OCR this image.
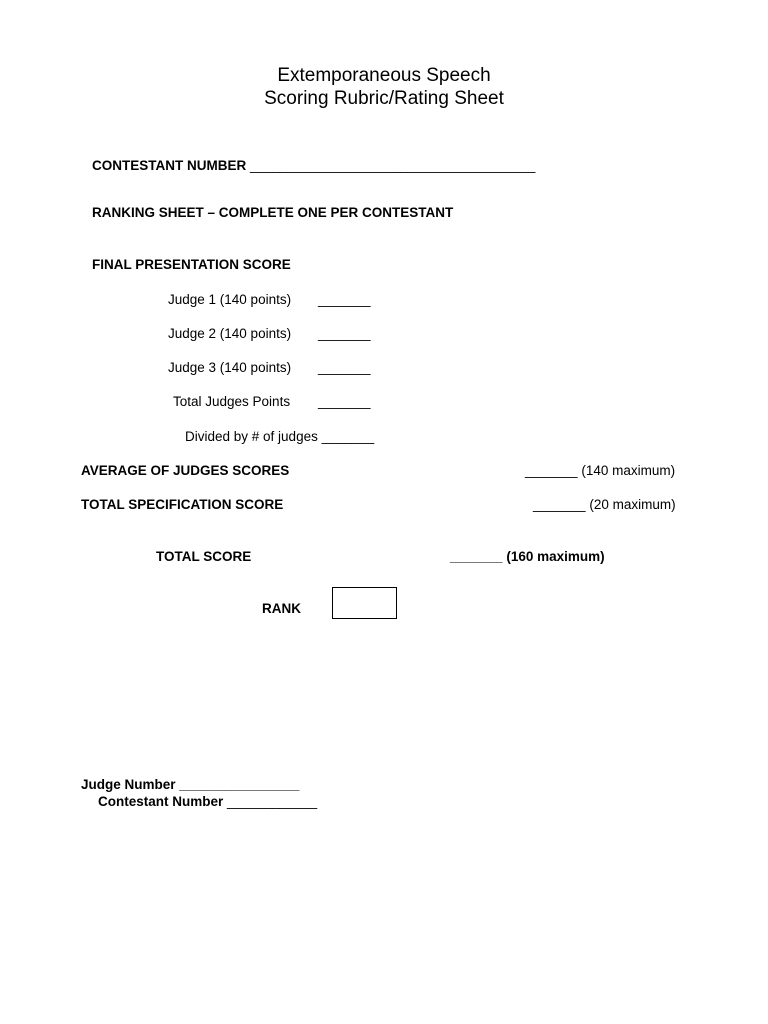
Extemporaneous Speech
Scoring Rubric/Rating Sheet
CONTESTANT NUMBER ______________________________________
RANKING SHEET – COMPLETE ONE PER CONTESTANT
FINAL PRESENTATION SCORE
Judge 1 (140 points) _______
Judge 2 (140 points) _______
Judge 3 (140 points) _______
Total Judges Points _______
Divided by # of judges _______
AVERAGE OF JUDGES SCORES	_______ (140 maximum)
TOTAL SPECIFICATION SCORE	_______ (20 maximum)
TOTAL SCORE	_______ (160 maximum)
RANK
Judge Number ________________
Contestant Number ____________
